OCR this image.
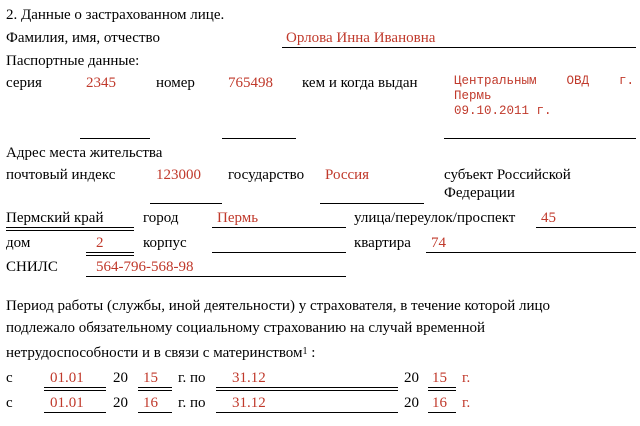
2. Данные о застрахованном лице.
Фамилия, имя, отчество	Орлова Инна Ивановна
Паспортные данные:
серия	2345	номер 765498 кем и когда выдан	Центральным ОВД г.
Пермь
09.10.2011 г.
Адрес места жительства
почтовый индекс	123000 государство Россия	субъект Российской
Федерации
Пермский край	город	Пермь	улица/переулок/проспект 45
дом	2	корпус	квартира 74
СНИЛС	564-796-568-98
Период работы (службы, иной деятельности) у страхователя, в течение которой лицо
подлежало обязательному социальному страхованию на случай временной
нетрудоспособности и в связи с материнством$^1$ :
с 01.01 20 15 г. по 31.12	20 15 г.
с 01.01 20 16 г. по 31.12	20 16 г.
